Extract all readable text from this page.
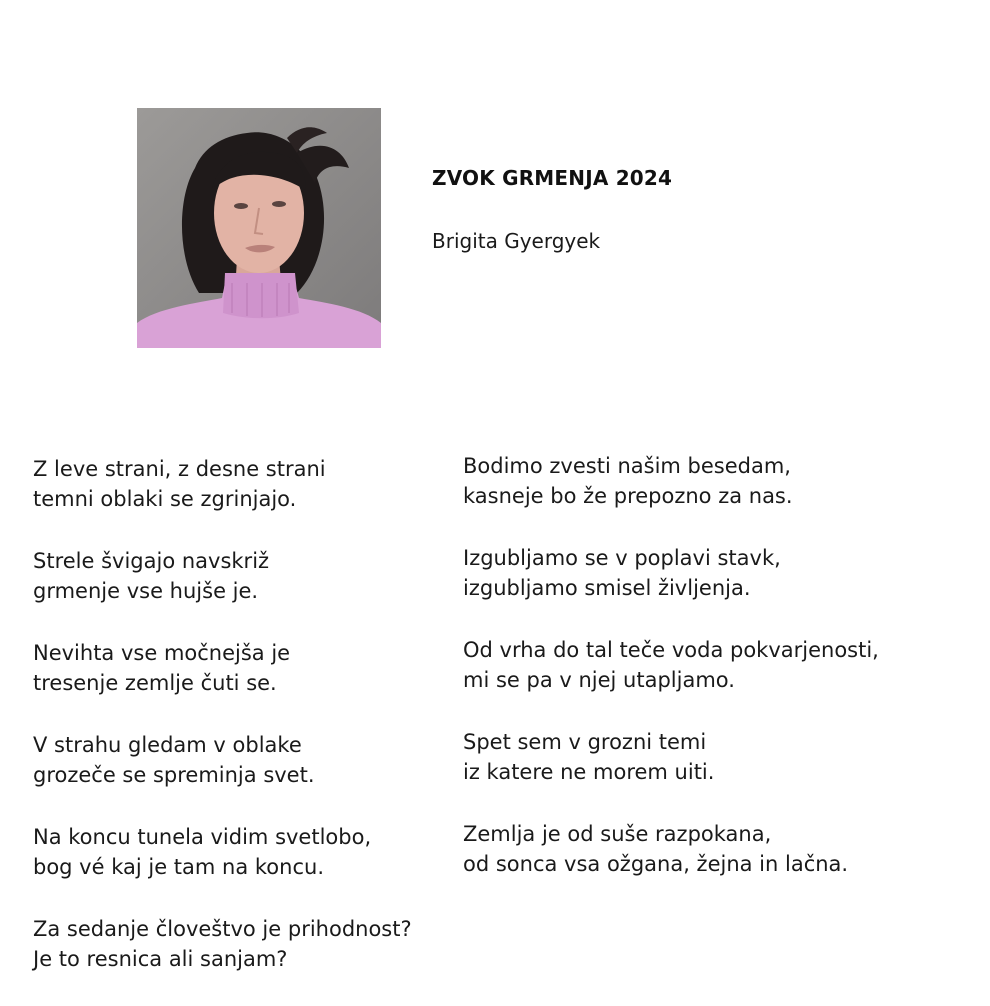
ZVOK GRMENJA 2024
Brigita Gyergyek
Z leve strani, z desne strani
temni oblaki se zgrinjajo.
Strele švigajo navskriž
grmenje vse hujše je.
Nevihta vse močnejša je
tresenje zemlje čuti se.
V strahu gledam v oblake
grozeče se spreminja svet.
Na koncu tunela vidim svetlobo,
bog vé kaj je tam na koncu.
Za sedanje človeštvo je prihodnost?
Je to resnica ali sanjam?
Bodimo zvesti našim besedam,
kasneje bo že prepozno za nas.
Izgubljamo se v poplavi stavk,
izgubljamo smisel življenja.
Od vrha do tal teče voda pokvarjenosti,
mi se pa v njej utapljamo.
Spet sem v grozni temi
iz katere ne morem uiti.
Zemlja je od suše razpokana,
od sonca vsa ožgana, žejna in lačna.
